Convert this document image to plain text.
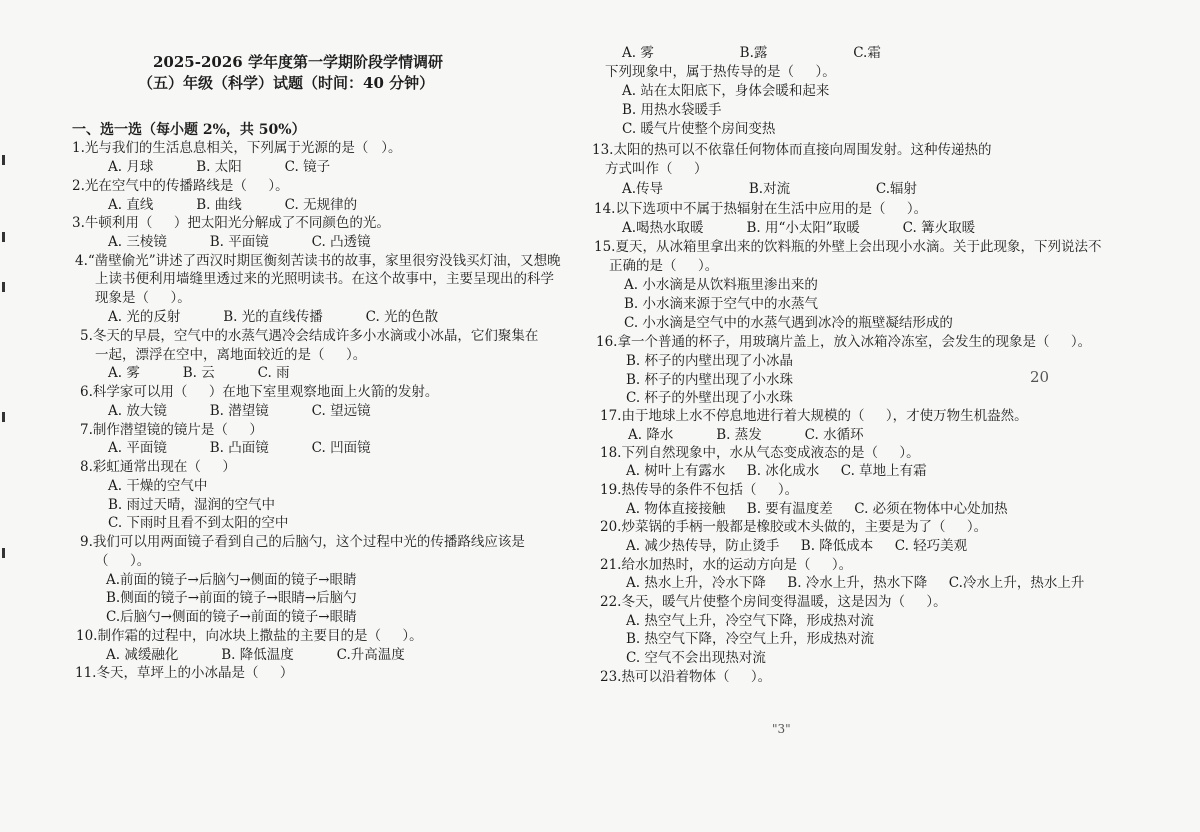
2025-2026 学年度第一学期阶段学情调研
（五）年级（科学）试题（时间：40 分钟）
一、选一选（每小题 2%，共 50%）
1.光与我们的生活息息相关，下列属于光源的是（   ）。
A. 月球          B. 太阳          C. 镜子
2.光在空气中的传播路线是（     ）。
A. 直线          B. 曲线          C. 无规律的
3.牛顿利用（     ）把太阳光分解成了不同颜色的光。
A. 三棱镜          B. 平面镜          C. 凸透镜
4.“凿壁偷光”讲述了西汉时期匡衡刻苦读书的故事，家里很穷没钱买灯油，又想晚
上读书便利用墙缝里透过来的光照明读书。在这个故事中，主要呈现出的科学
现象是（     ）。
A. 光的反射          B. 光的直线传播          C. 光的色散
5.冬天的早晨，空气中的水蒸气遇冷会结成许多小水滴或小冰晶，它们聚集在
一起，漂浮在空中，离地面较近的是（     ）。
A. 雾          B. 云          C. 雨
6.科学家可以用（     ）在地下室里观察地面上火箭的发射。
A. 放大镜          B. 潜望镜          C. 望远镜
7.制作潜望镜的镜片是（     ）
A. 平面镜          B. 凸面镜          C. 凹面镜
8.彩虹通常出现在（     ）
A. 干燥的空气中
B. 雨过天晴，湿润的空气中
C. 下雨时且看不到太阳的空中
9.我们可以用两面镜子看到自己的后脑勺，这个过程中光的传播路线应该是
（     ）。
A.前面的镜子→后脑勺→侧面的镜子→眼睛
B.侧面的镜子→前面的镜子→眼睛→后脑勺
C.后脑勺→侧面的镜子→前面的镜子→眼睛
10.制作霜的过程中，向冰块上撒盐的主要目的是（     ）。
A. 减缓融化          B. 降低温度          C.升高温度
11.冬天，草坪上的小冰晶是（     ）
A. 雾                    B.露                    C.霜
下列现象中，属于热传导的是（     ）。
A. 站在太阳底下，身体会暖和起来
B. 用热水袋暖手
C. 暖气片使整个房间变热
13.太阳的热可以不依靠任何物体而直接向周围发射。这种传递热的
方式叫作（     ）
A.传导                    B.对流                    C.辐射
14.以下选项中不属于热辐射在生活中应用的是（     ）。
A.喝热水取暖          B. 用“小太阳”取暖          C. 篝火取暖
15.夏天，从冰箱里拿出来的饮料瓶的外壁上会出现小水滴。关于此现象，下列说法不
正确的是（     ）。
A. 小水滴是从饮料瓶里渗出来的
B. 小水滴来源于空气中的水蒸气
C. 小水滴是空气中的水蒸气遇到冰冷的瓶壁凝结形成的
16.拿一个普通的杯子，用玻璃片盖上，放入冰箱冷冻室，会发生的现象是（     ）。
B. 杯子的内壁出现了小冰晶
B. 杯子的内壁出现了小水珠
C. 杯子的外壁出现了小水珠
17.由于地球上水不停息地进行着大规模的（     ），才使万物生机盎然。
A. 降水          B. 蒸发          C. 水循环
18.下列自然现象中，水从气态变成液态的是（     ）。
A. 树叶上有露水     B. 冰化成水     C. 草地上有霜
19.热传导的条件不包括（     ）。
A. 物体直接接触     B. 要有温度差     C. 必须在物体中心处加热
20.炒菜锅的手柄一般都是橡胶或木头做的，主要是为了（     ）。
A. 减少热传导，防止烫手     B. 降低成本     C. 轻巧美观
21.给水加热时，水的运动方向是（     ）。
A. 热水上升，冷水下降     B. 冷水上升，热水下降     C.冷水上升，热水上升
22.冬天，暖气片使整个房间变得温暖，这是因为（     ）。
A. 热空气上升，冷空气下降，形成热对流
B. 热空气下降，冷空气上升，形成热对流
C. 空气不会出现热对流
23.热可以沿着物体（     ）。
20
"3"
